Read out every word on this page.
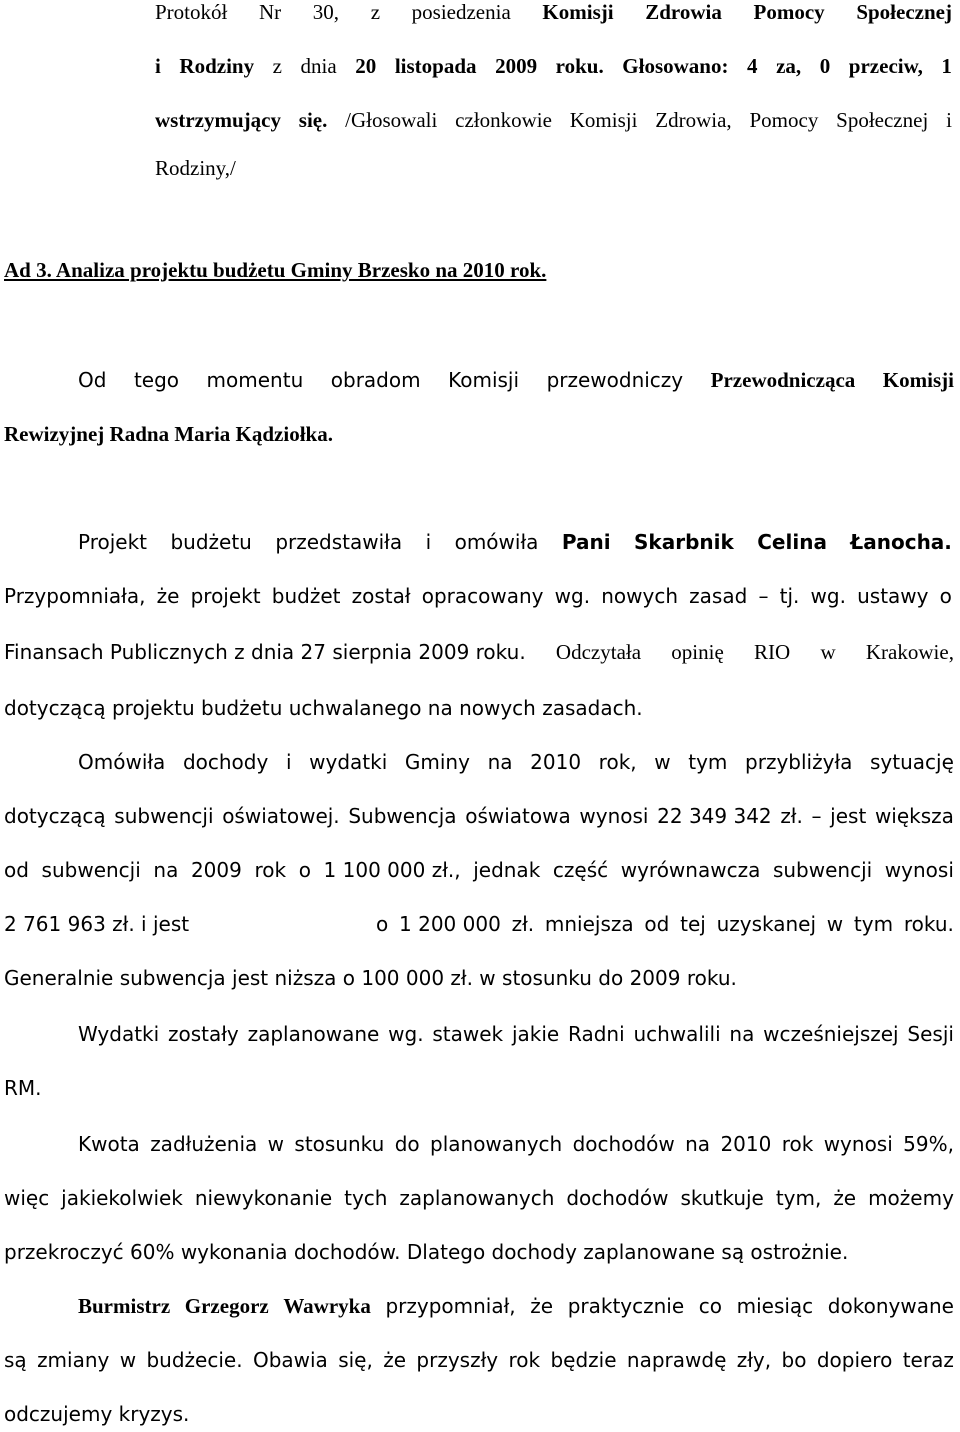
Protokół Nr 30, z posiedzenia Komisji Zdrowia Pomocy Społecznej
i Rodziny z dnia 20 listopada 2009 roku. Głosowano: 4 za, 0 przeciw, 1
wstrzymujący się. /Głosowali członkowie Komisji Zdrowia, Pomocy Społecznej i
Rodziny,/
Ad 3. Analiza projektu budżetu Gminy Brzesko na 2010 rok.
Od tego momentu obradom Komisji przewodniczy Przewodnicząca Komisji
Rewizyjnej Radna Maria Kądziołka.
Projekt budżetu przedstawiła i omówiła Pani Skarbnik Celina Łanocha.
Przypomniała, że projekt budżet został opracowany wg. nowych zasad – tj. wg. ustawy o
Finansach Publicznych z dnia 27 sierpnia 2009 roku. Odczytała opinię RIO w Krakowie,
dotyczącą projektu budżetu uchwalanego na nowych zasadach.
Omówiła dochody i wydatki Gminy na 2010 rok, w tym przybliżyła sytuację
dotyczącą subwencji oświatowej. Subwencja oświatowa wynosi 22 349 342 zł. – jest większa
od subwencji na 2009 rok o 1 100 000 zł., jednak część wyrównawcza subwencji wynosi
2 761 963 zł. i jest	o 1 200 000 zł. mniejsza od tej uzyskanej w tym roku.
Generalnie subwencja jest niższa o 100 000 zł. w stosunku do 2009 roku.
Wydatki zostały zaplanowane wg. stawek jakie Radni uchwalili na wcześniejszej Sesji
RM.
Kwota zadłużenia w stosunku do planowanych dochodów na 2010 rok wynosi 59%,
więc jakiekolwiek niewykonanie tych zaplanowanych dochodów skutkuje tym, że możemy
przekroczyć 60% wykonania dochodów. Dlatego dochody zaplanowane są ostrożnie.
Burmistrz Grzegorz Wawryka przypomniał, że praktycznie co miesiąc dokonywane
są zmiany w budżecie. Obawia się, że przyszły rok będzie naprawdę zły, bo dopiero teraz
odczujemy kryzys.
